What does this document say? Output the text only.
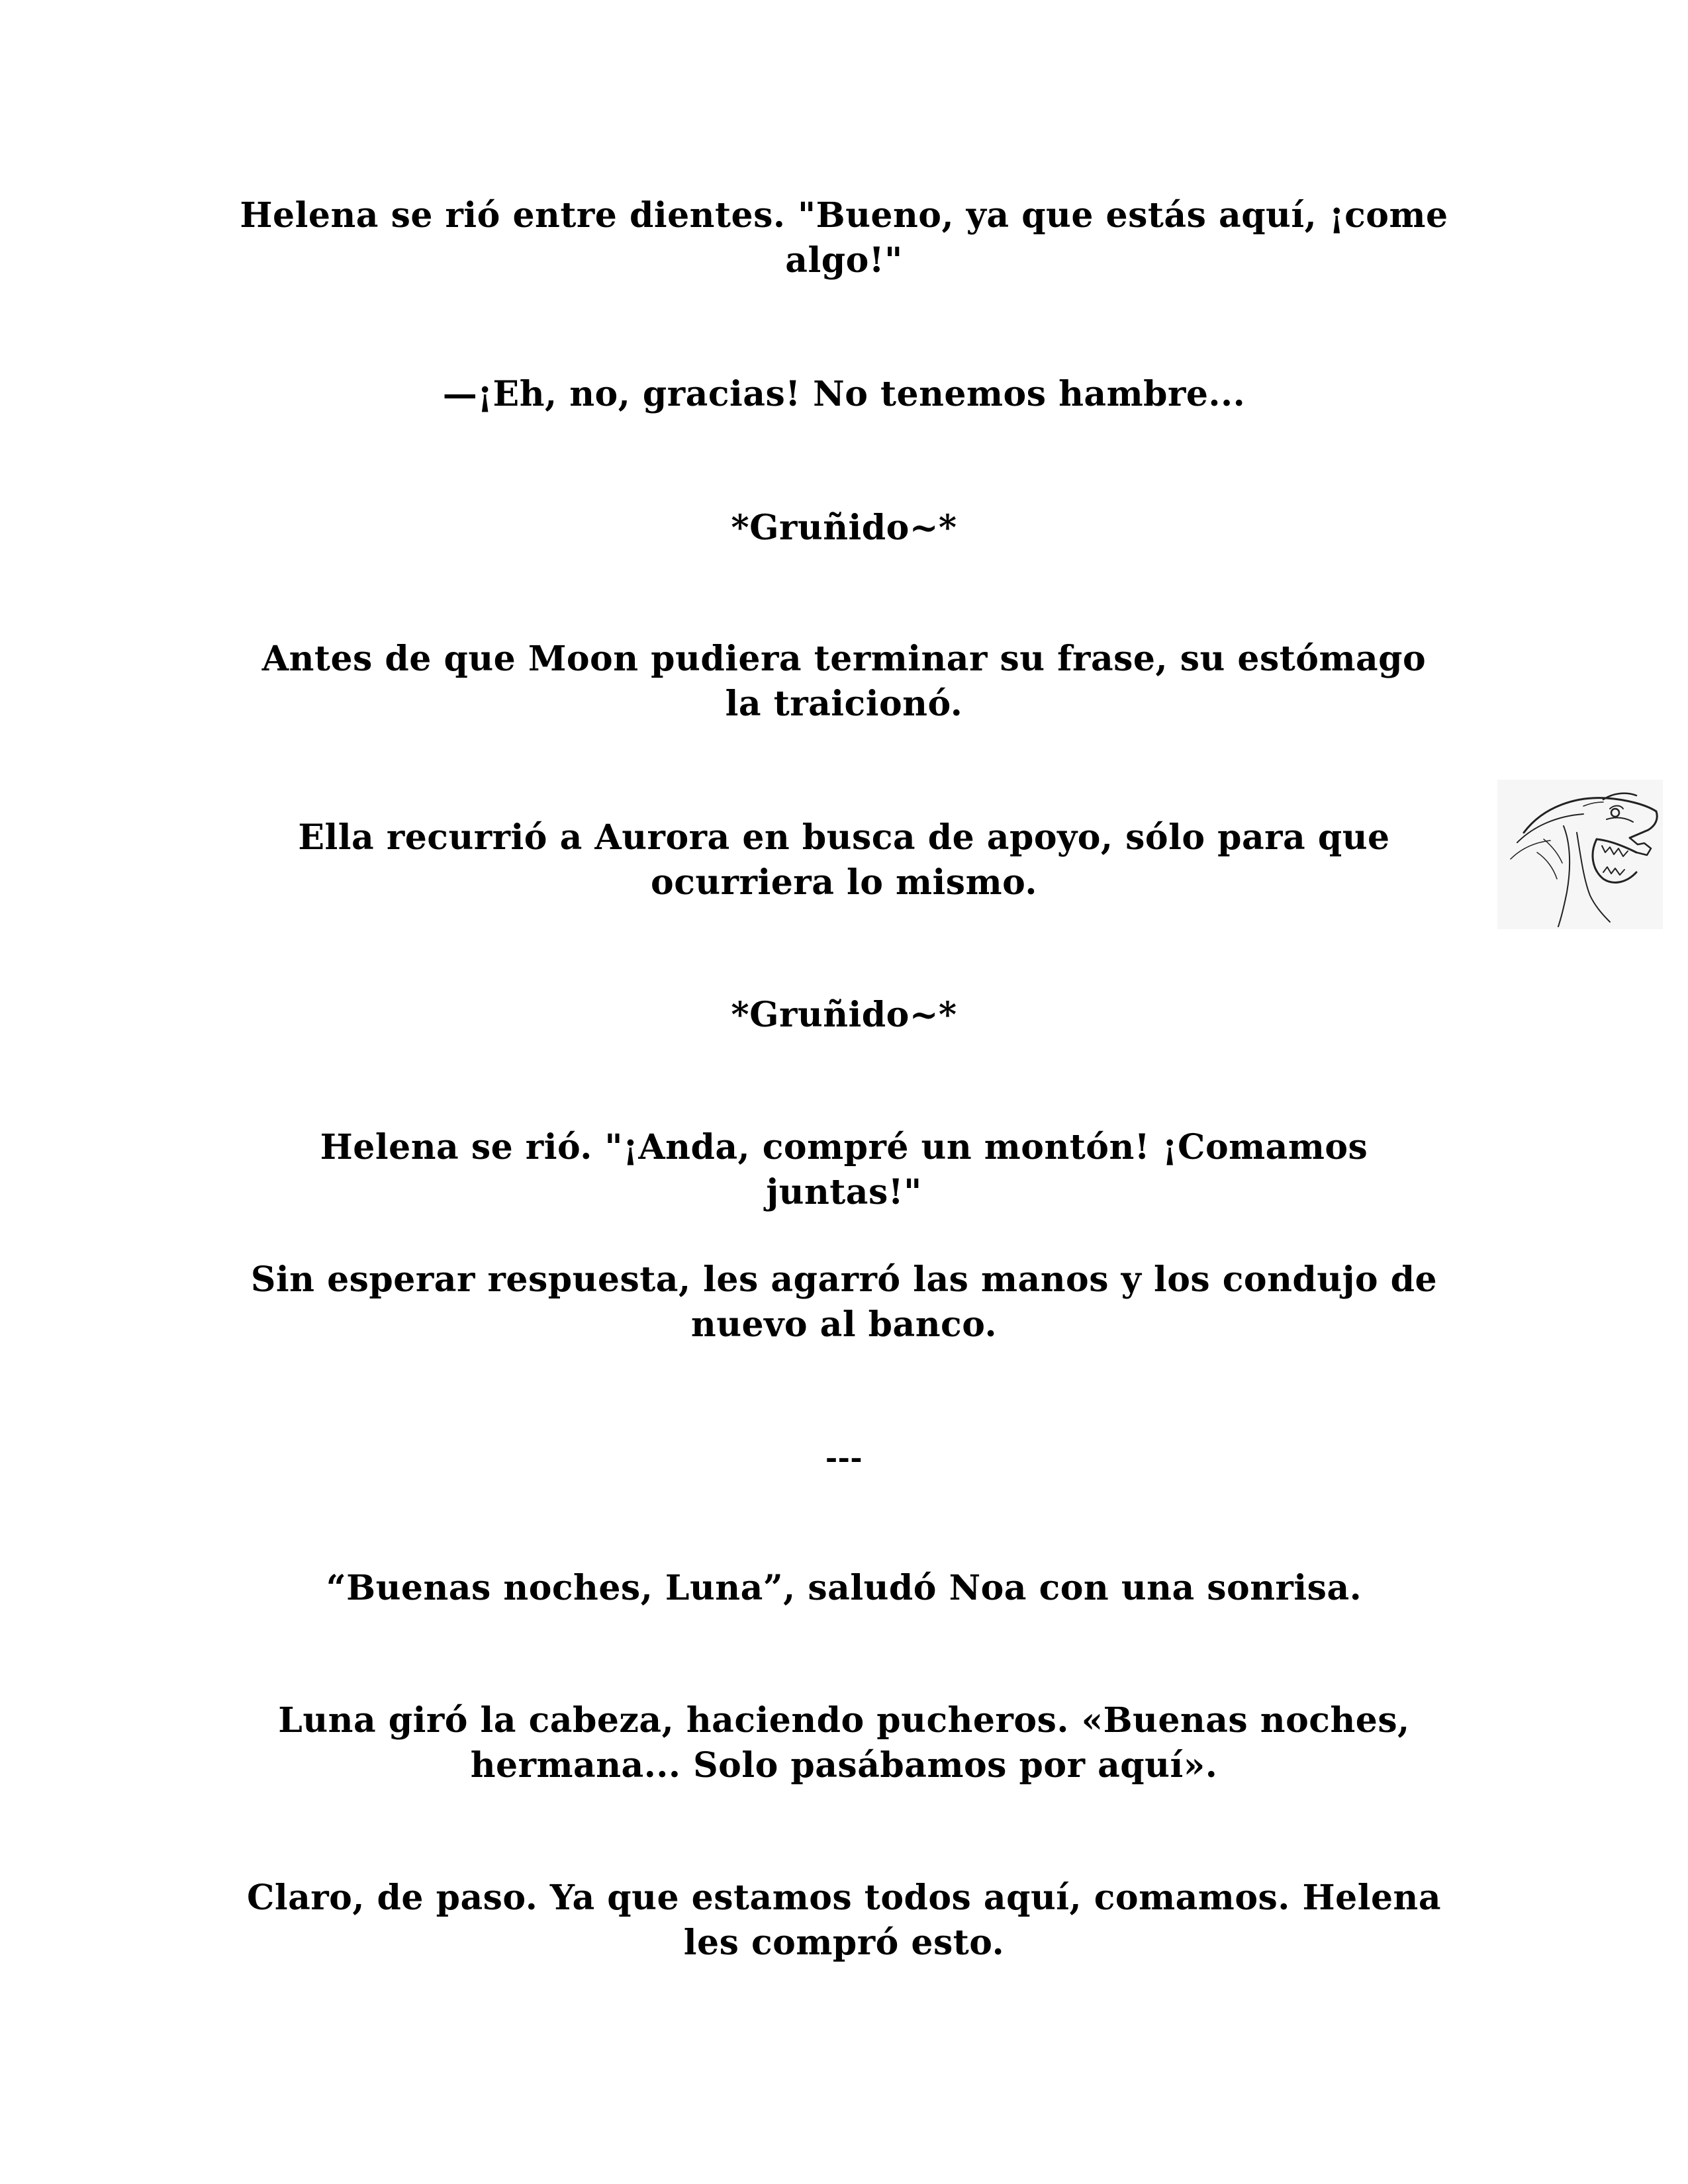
Helena se rió entre dientes. "Bueno, ya que estás aquí, ¡come algo!"

—¡Eh, no, gracias! No tenemos hambre...

*Gruñido~*

Antes de que Moon pudiera terminar su frase, su estómago la traicionó.

Ella recurrió a Aurora en busca de apoyo, sólo para que ocurriera lo mismo.

*Gruñido~*

Helena se rió. "¡Anda, compré un montón! ¡Comamos juntas!"

Sin esperar respuesta, les agarró las manos y los condujo de nuevo al banco.

---

“Buenas noches, Luna”, saludó Noa con una sonrisa.

Luna giró la cabeza, haciendo pucheros. «Buenas noches, hermana... Solo pasábamos por aquí».

Claro, de paso. Ya que estamos todos aquí, comamos. Helena les compró esto.
